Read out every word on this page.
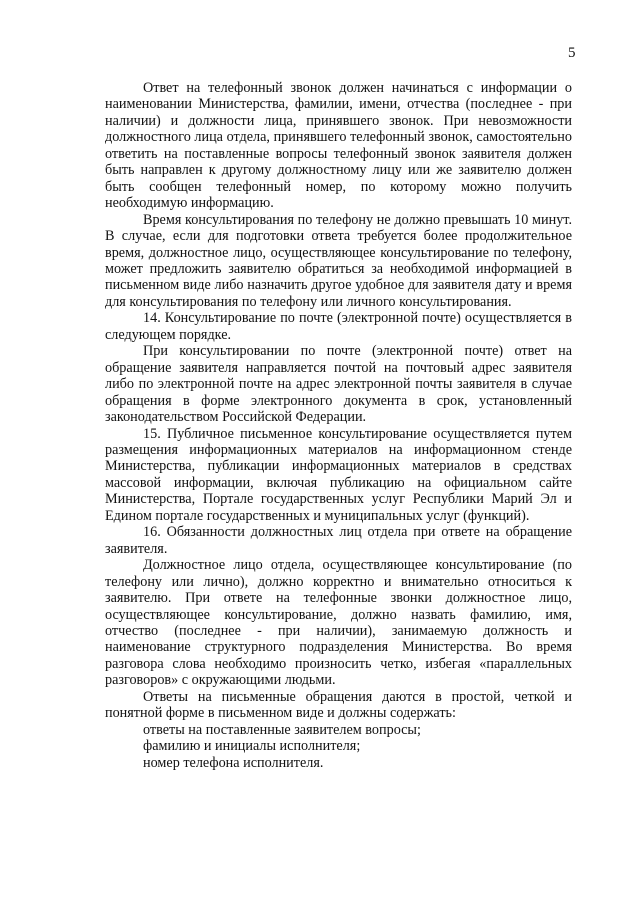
5

Ответ на телефонный звонок должен начинаться с информации о наименовании Министерства, фамилии, имени, отчества (последнее - при наличии) и должности лица, принявшего звонок. При невозможности должностного лица отдела, принявшего телефонный звонок, самостоятельно ответить на поставленные вопросы телефонный звонок заявителя должен быть направлен к другому должностному лицу или же заявителю должен быть сообщен телефонный номер, по которому можно получить необходимую информацию.

Время консультирования по телефону не должно превышать 10 минут. В случае, если для подготовки ответа требуется более продолжительное время, должностное лицо, осуществляющее консультирование по телефону, может предложить заявителю обратиться за необходимой информацией в письменном виде либо назначить другое удобное для заявителя дату и время для консультирования по телефону или личного консультирования.

14. Консультирование по почте (электронной почте) осуществляется в следующем порядке.

При консультировании по почте (электронной почте) ответ на обращение заявителя направляется почтой на почтовый адрес заявителя либо по электронной почте на адрес электронной почты заявителя в случае обращения в форме электронного документа в срок, установленный законодательством Российской Федерации.

15. Публичное письменное консультирование осуществляется путем размещения информационных материалов на информационном стенде Министерства, публикации информационных материалов в средствах массовой информации, включая публикацию на официальном сайте Министерства, Портале государственных услуг Республики Марий Эл и Едином портале государственных и муниципальных услуг (функций).

16. Обязанности должностных лиц отдела при ответе на обращение заявителя.

Должностное лицо отдела, осуществляющее консультирование (по телефону или лично), должно корректно и внимательно относиться к заявителю. При ответе на телефонные звонки должностное лицо, осуществляющее консультирование, должно назвать фамилию, имя, отчество (последнее - при наличии), занимаемую должность и наименование структурного подразделения Министерства. Во время разговора слова необходимо произносить четко, избегая «параллельных разговоров» с окружающими людьми.

Ответы на письменные обращения даются в простой, четкой и понятной форме в письменном виде и должны содержать:

ответы на поставленные заявителем вопросы;

фамилию и инициалы исполнителя;

номер телефона исполнителя.
